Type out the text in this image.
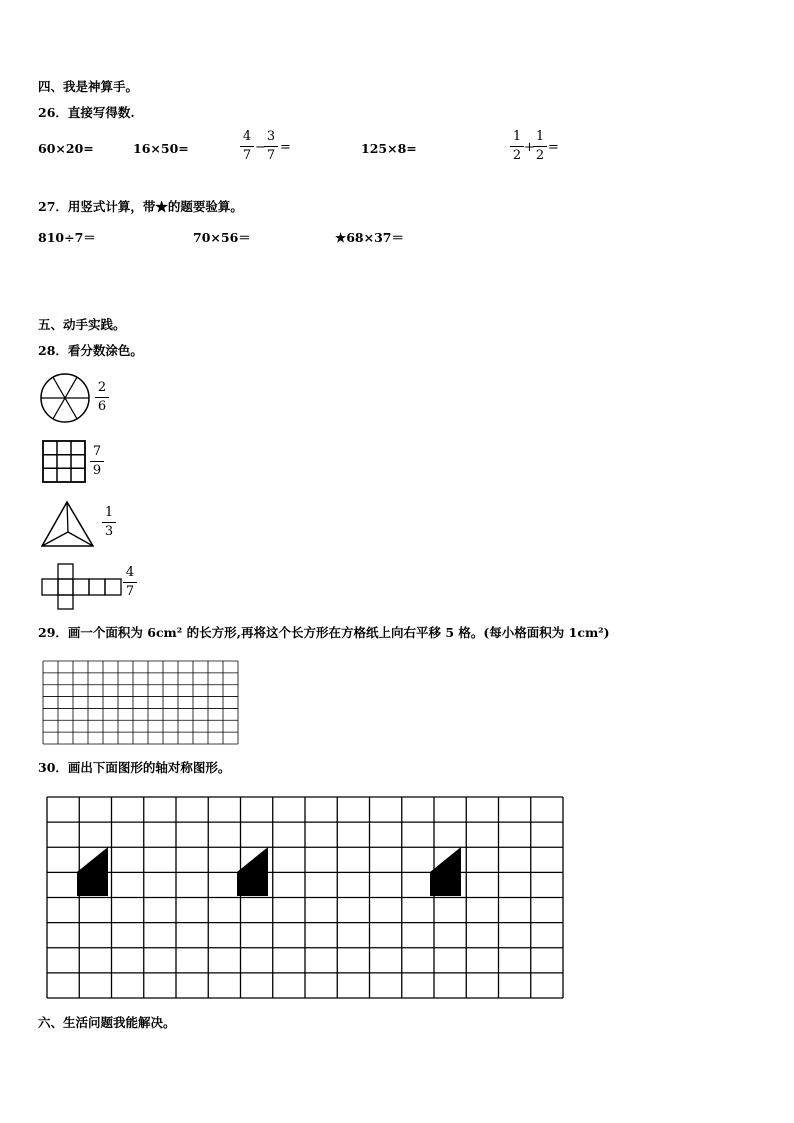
四、我是神算手。
26．直接写得数.
60×20=	16×50=
4
7
−
3
7
=	125×8=
1
2
+
1
2
=
27．用竖式计算，带★的题要验算。
810÷7＝	70×56＝	★68×37＝
五、动手实践。
28．看分数涂色。
2
6
7
9
1
3
4
7
29．画一个面积为 6cm² 的长方形,再将这个长方形在方格纸上向右平移 5 格。(每小格面积为 1cm²)
30．画出下面图形的轴对称图形。
六、生活问题我能解决。
